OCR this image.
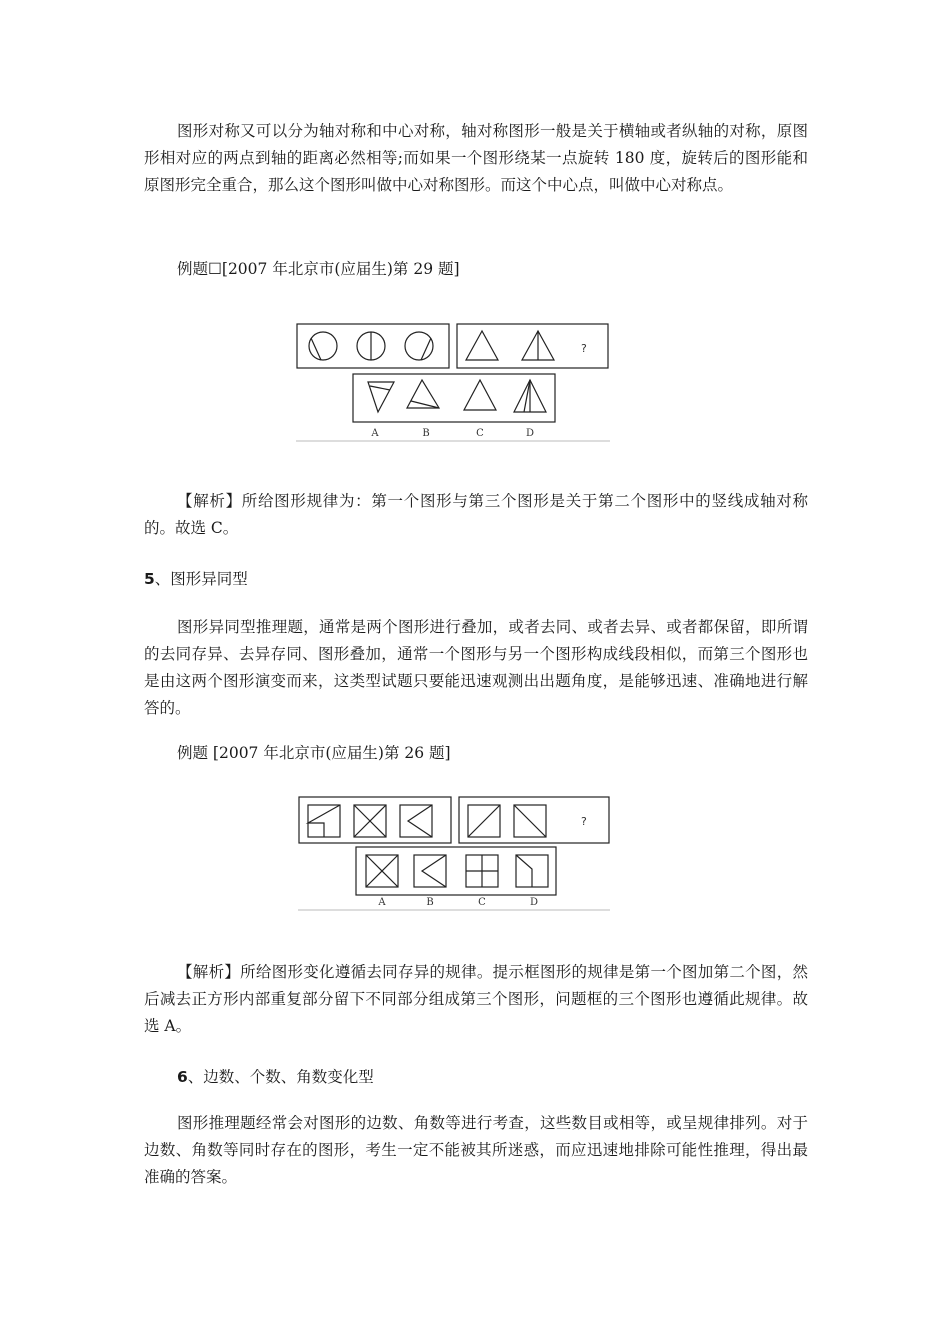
图形对称又可以分为轴对称和中心对称，轴对称图形一般是关于横轴或者纵轴的对称，原图形相对应的两点到轴的距离必然相等;而如果一个图形绕某一点旋转 180 度，旋转后的图形能和原图形完全重合，那么这个图形叫做中心对称图形。而这个中心点，叫做中心对称点。

例题☐[2007 年北京市(应届生)第 29 题]

?
A	B	C	D

【解析】所给图形规律为：第一个图形与第三个图形是关于第二个图形中的竖线成轴对称的。故选 C。

5、图形异同型

图形异同型推理题，通常是两个图形进行叠加，或者去同、或者去异、或者都保留，即所谓的去同存异、去异存同、图形叠加，通常一个图形与另一个图形构成线段相似，而第三个图形也是由这两个图形演变而来，这类型试题只要能迅速观测出出题角度，是能够迅速、准确地进行解答的。

例题 [2007 年北京市(应届生)第 26 题]

?
A	B	C	D

【解析】所给图形变化遵循去同存异的规律。提示框图形的规律是第一个图加第二个图，然后减去正方形内部重复部分留下不同部分组成第三个图形，问题框的三个图形也遵循此规律。故选 A。

6、边数、个数、角数变化型

图形推理题经常会对图形的边数、角数等进行考查，这些数目或相等，或呈规律排列。对于边数、角数等同时存在的图形，考生一定不能被其所迷惑，而应迅速地排除可能性推理，得出最准确的答案。
